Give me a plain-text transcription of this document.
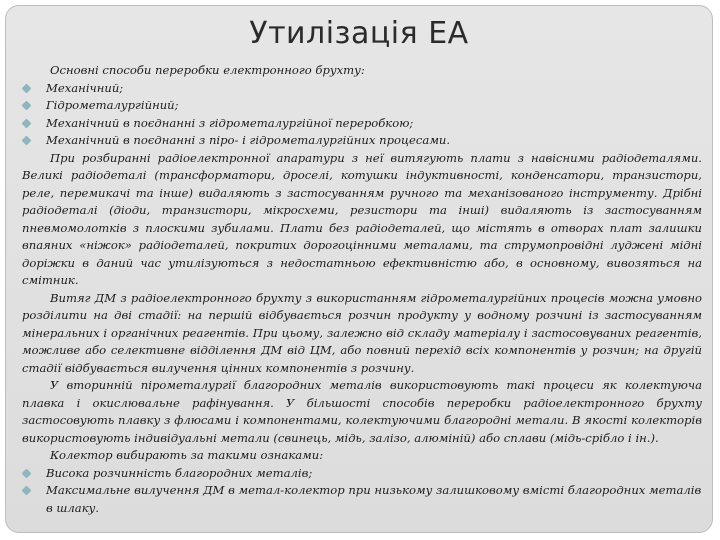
Утилізація ЕА

Основні способи переробки електронного брухту:

Механічний;
Гідрометалургійний;
Механічний в поєднанні з гідрометалургійної переробкою;
Механічний в поєднанні з піро- і гідрометалургійних процесами.

При розбиранні радіоелектронної апаратури з неї витягують плати з навісними радіодеталями. Великі радіодеталі (трансформатори, дроселі, котушки індуктивності, конденсатори, транзистори, реле, перемикачі та інше) видаляють з застосуванням ручного та механізованого інструменту. Дрібні радіодеталі (діоди, транзистори, мікросхеми, резистори та інші) видаляють із застосуванням пневмомолотків з плоскими зубилами. Плати без радіодеталей, що містять в отворах плат залишки впаяних «ніжок» радіодеталей, покритих дорогоцінними металами, та струмопровідні луджені мідні доріжки в даний час утилізуються з недостатньою ефективністю або, в основному, вивозяться на смітник.

Витяг ДМ з радіоелектронного брухту з використанням гідрометалургійних процесів можна умовно розділити на дві стадії: на першій відбувається розчин продукту у водному розчині із застосуванням мінеральних і органічних реагентів. При цьому, залежно від складу матеріалу і застосовуваних реагентів, можливе або селективне відділення ДМ від ЦМ, або повний перехід всіх компонентів у розчин; на другій стадії відбувається вилучення цінних компонентів з розчину.

У вторинній пірометалургії благородних металів використовують такі процеси як колектуюча плавка і окислювальне рафінування. У більшості способів переробки радіоелектронного брухту застосовують плавку з флюсами і компонентами, колектуючими благородні метали. В якості колекторів використовують індивідуальні метали (свинець, мідь, залізо, алюміній) або сплави (мідь-срібло і ін.).

Колектор вибирають за такими ознаками:

Висока розчинність благородних металів;
Максимальне вилучення ДМ в метал-колектор при низькому залишковому вмісті благородних металів в шлаку.
